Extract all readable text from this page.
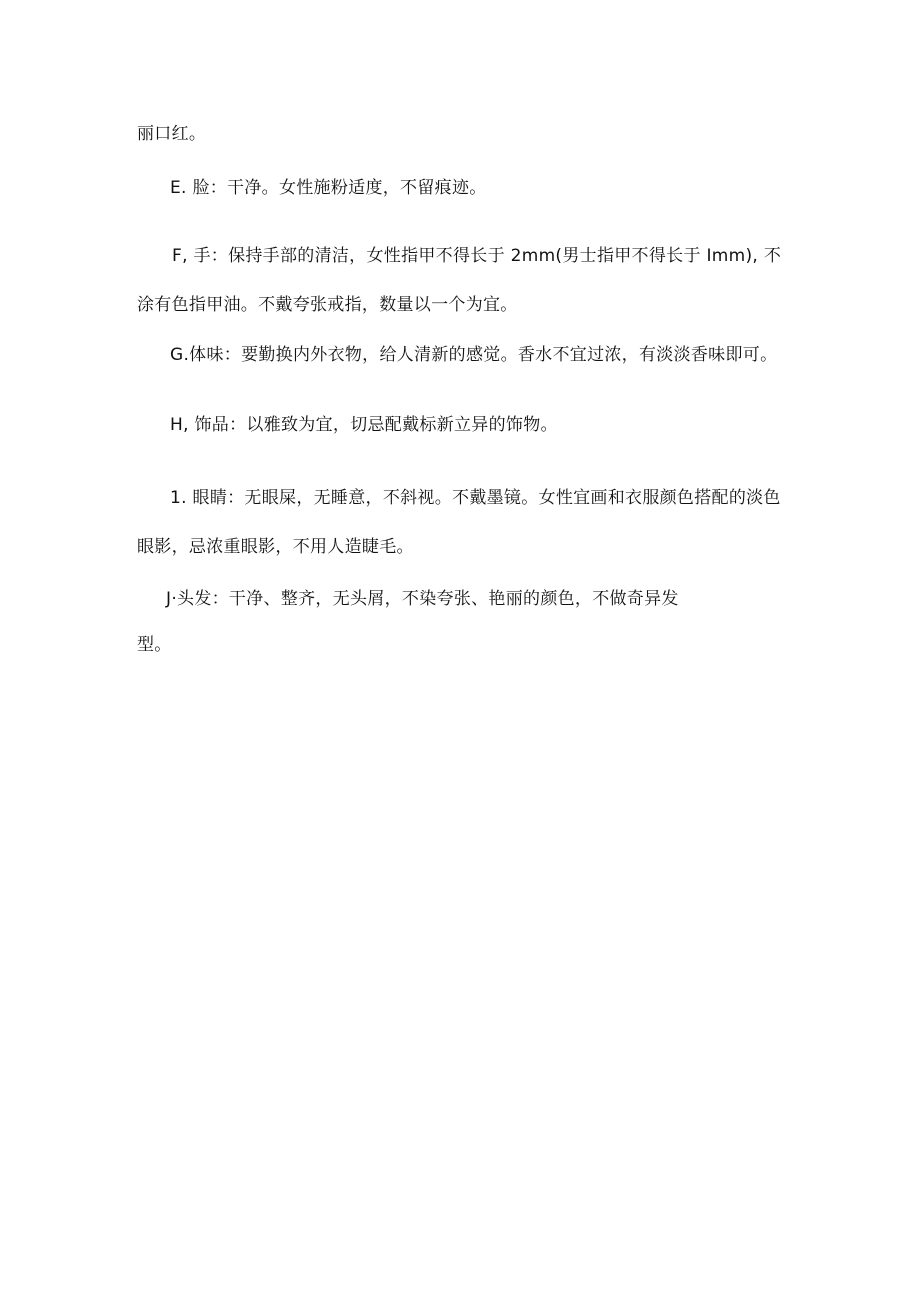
丽口红。
E. 脸：干净。女性施粉适度，不留痕迹。
F, 手：保持手部的清洁，女性指甲不得长于 2mm(男士指甲不得长于 Imm), 不
涂有色指甲油。不戴夸张戒指，数量以一个为宜。
G.体味：要勤换内外衣物，给人清新的感觉。香水不宜过浓，有淡淡香味即可。
H, 饰品：以雅致为宜，切忌配戴标新立异的饰物。
1. 眼睛：无眼屎，无睡意，不斜视。不戴墨镜。女性宜画和衣服颜色搭配的淡色
眼影，忌浓重眼影，不用人造睫毛。
J·头发：干净、整齐，无头屑，不染夸张、艳丽的颜色，不做奇异发
型。
